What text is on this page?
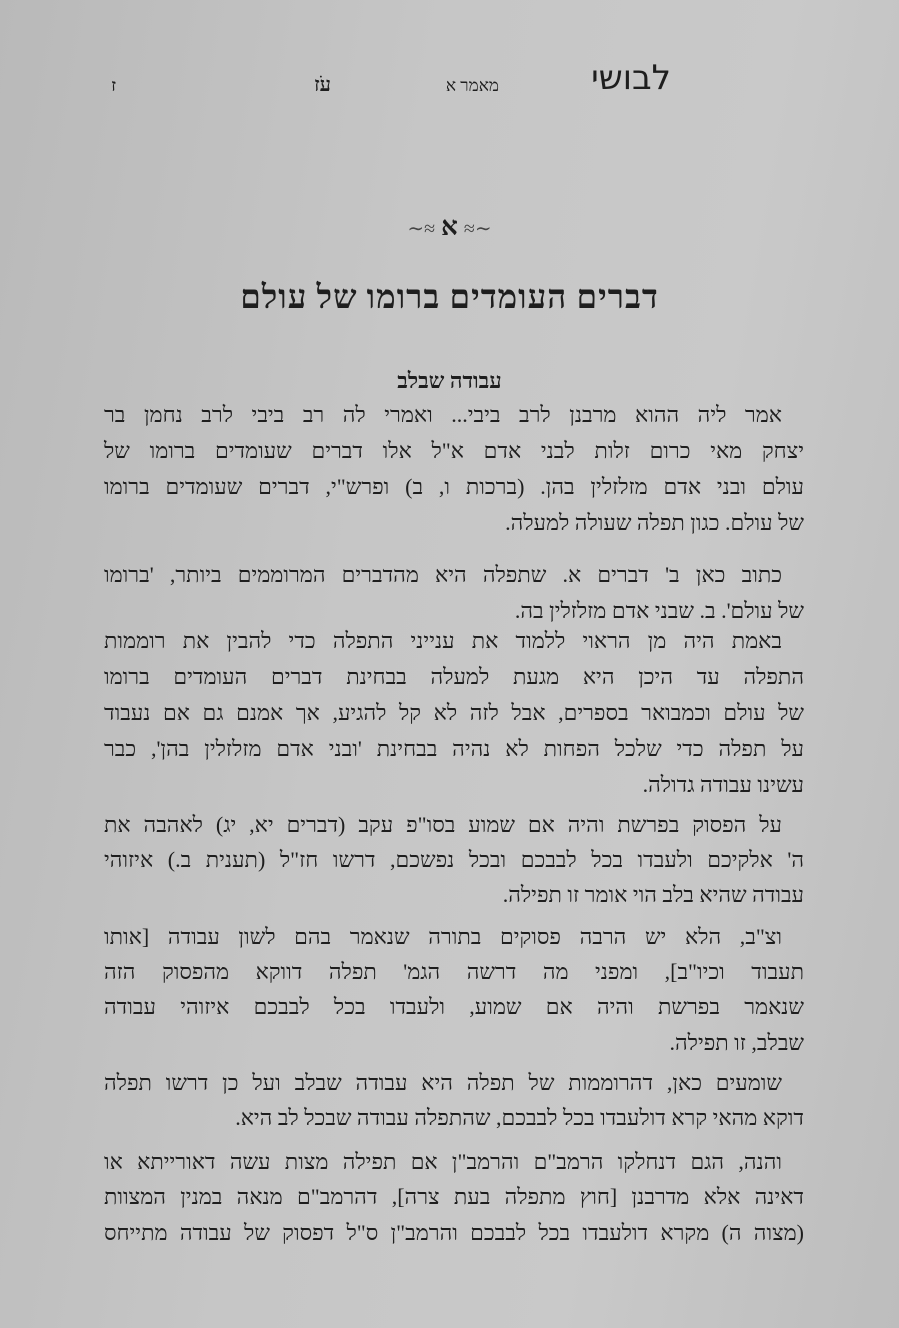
לבושי
מאמר א
עֹז
ז
∽≈א≈∽
דברים העומדים ברומו של עולם
עבודה שבלב
אמר ליה ההוא מרבנן לרב ביבי... ואמרי לה רב ביבי לרב נחמן בר
יצחק מאי כרום זלות לבני אדם א"ל אלו דברים שעומדים ברומו של
עולם ובני אדם מזלזלין בהן. (ברכות ו, ב) ופרש"י, דברים שעומדים ברומו
של עולם. כגון תפלה שעולה למעלה.
כתוב כאן ב' דברים א. שתפלה היא מהדברים המרוממים ביותר, 'ברומו
של עולם'. ב. שבני אדם מזלזלין בה.
באמת היה מן הראוי ללמוד את ענייני התפלה כדי להבין את רוממות
התפלה עד היכן היא מגעת למעלה בבחינת דברים העומדים ברומו
של עולם וכמבואר בספרים, אבל לזה לא קל להגיע, אך אמנם גם אם נעבוד
על תפלה כדי שלכל הפחות לא נהיה בבחינת 'ובני אדם מזלזלין בהן', כבר
עשינו עבודה גדולה.
על הפסוק בפרשת והיה אם שמוע בסו"פ עקב (דברים יא, יג) לאהבה את
ה' אלקיכם ולעבדו בכל לבבכם ובכל נפשכם, דרשו חז"ל (תענית ב.) איזוהי
עבודה שהיא בלב הוי אומר זו תפילה.
וצ"ב, הלא יש הרבה פסוקים בתורה שנאמר בהם לשון עבודה [אותו
תעבוד וכיו"ב], ומפני מה דרשה הגמ' תפלה דווקא מהפסוק הזה
שנאמר בפרשת והיה אם שמוע, ולעבדו בכל לבבכם איזוהי עבודה
שבלב, זו תפילה.
שומעים כאן, דהרוממות של תפלה היא עבודה שבלב ועל כן דרשו תפלה
דוקא מהאי קרא דולעבדו בכל לבבכם, שהתפלה עבודה שבכל לב היא.
והנה, הגם דנחלקו הרמב"ם והרמב"ן אם תפילה מצות עשה דאורייתא או
דאינה אלא מדרבנן [חוץ מתפלה בעת צרה], דהרמב"ם מנאה במנין המצוות
(מצוה ה) מקרא דולעבדו בכל לבבכם והרמב"ן ס"ל דפסוק של עבודה מתייחס
